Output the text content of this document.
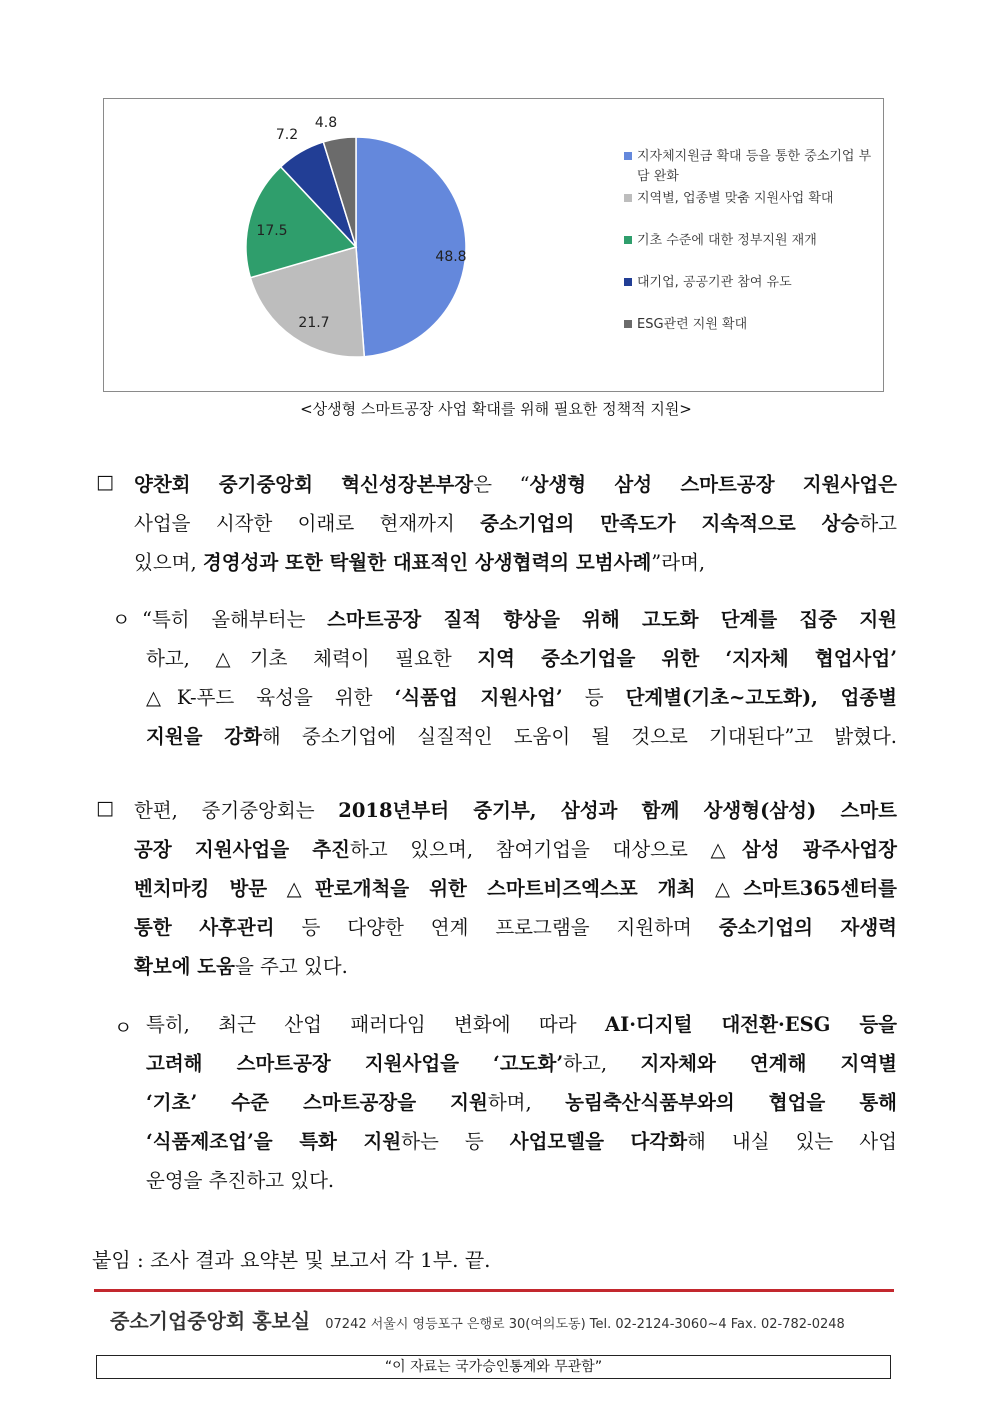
48.8
21.7
17.5
7.2
4.8
지자체지원금 확대 등을 통한 중소기업 부담 완화
지역별, 업종별 맞춤 지원사업 확대
기초 수준에 대한 정부지원 재개
대기업, 공공기관 참여 유도
ESG관련 지원 확대
<상생형 스마트공장 사업 확대를 위해 필요한 정책적 지원>
□ 양찬회 중기중앙회 혁신성장본부장은 “상생형 삼성 스마트공장 지원사업은
사업을 시작한 이래로 현재까지 중소기업의 만족도가 지속적으로 상승하고
있으며, 경영성과 또한 탁월한 대표적인 상생협력의 모범사례”라며,
ㅇ “특히 올해부터는 스마트공장 질적 향상을 위해 고도화 단계를 집중 지원
하고, △기초 체력이 필요한 지역 중소기업을 위한 ‘지자체 협업사업’
△K-푸드 육성을 위한 ‘식품업 지원사업’ 등 단계별(기초~고도화), 업종별
지원을 강화해 중소기업에 실질적인 도움이 될 것으로 기대된다”고 밝혔다.
□ 한편, 중기중앙회는 2018년부터 중기부, 삼성과 함께 상생형(삼성) 스마트
공장 지원사업을 추진하고 있으며, 참여기업을 대상으로 △삼성 광주사업장
벤치마킹 방문 △판로개척을 위한 스마트비즈엑스포 개최 △스마트365센터를
통한 사후관리 등 다양한 연계 프로그램을 지원하며 중소기업의 자생력
확보에 도움을 주고 있다.
ㅇ 특히, 최근 산업 패러다임 변화에 따라 AI·디지털 대전환·ESG 등을
고려해 스마트공장 지원사업을 ‘고도화’하고, 지자체와 연계해 지역별
‘기초’ 수준 스마트공장을 지원하며, 농림축산식품부와의 협업을 통해
‘식품제조업’을 특화 지원하는 등 사업모델을 다각화해 내실 있는 사업
운영을 추진하고 있다.
붙임 : 조사 결과 요약본 및 보고서 각 1부. 끝.
중소기업중앙회 홍보실 07242 서울시 영등포구 은행로 30(여의도동) Tel. 02-2124-3060~4 Fax. 02-782-0248
“이 자료는 국가승인통계와 무관함”
